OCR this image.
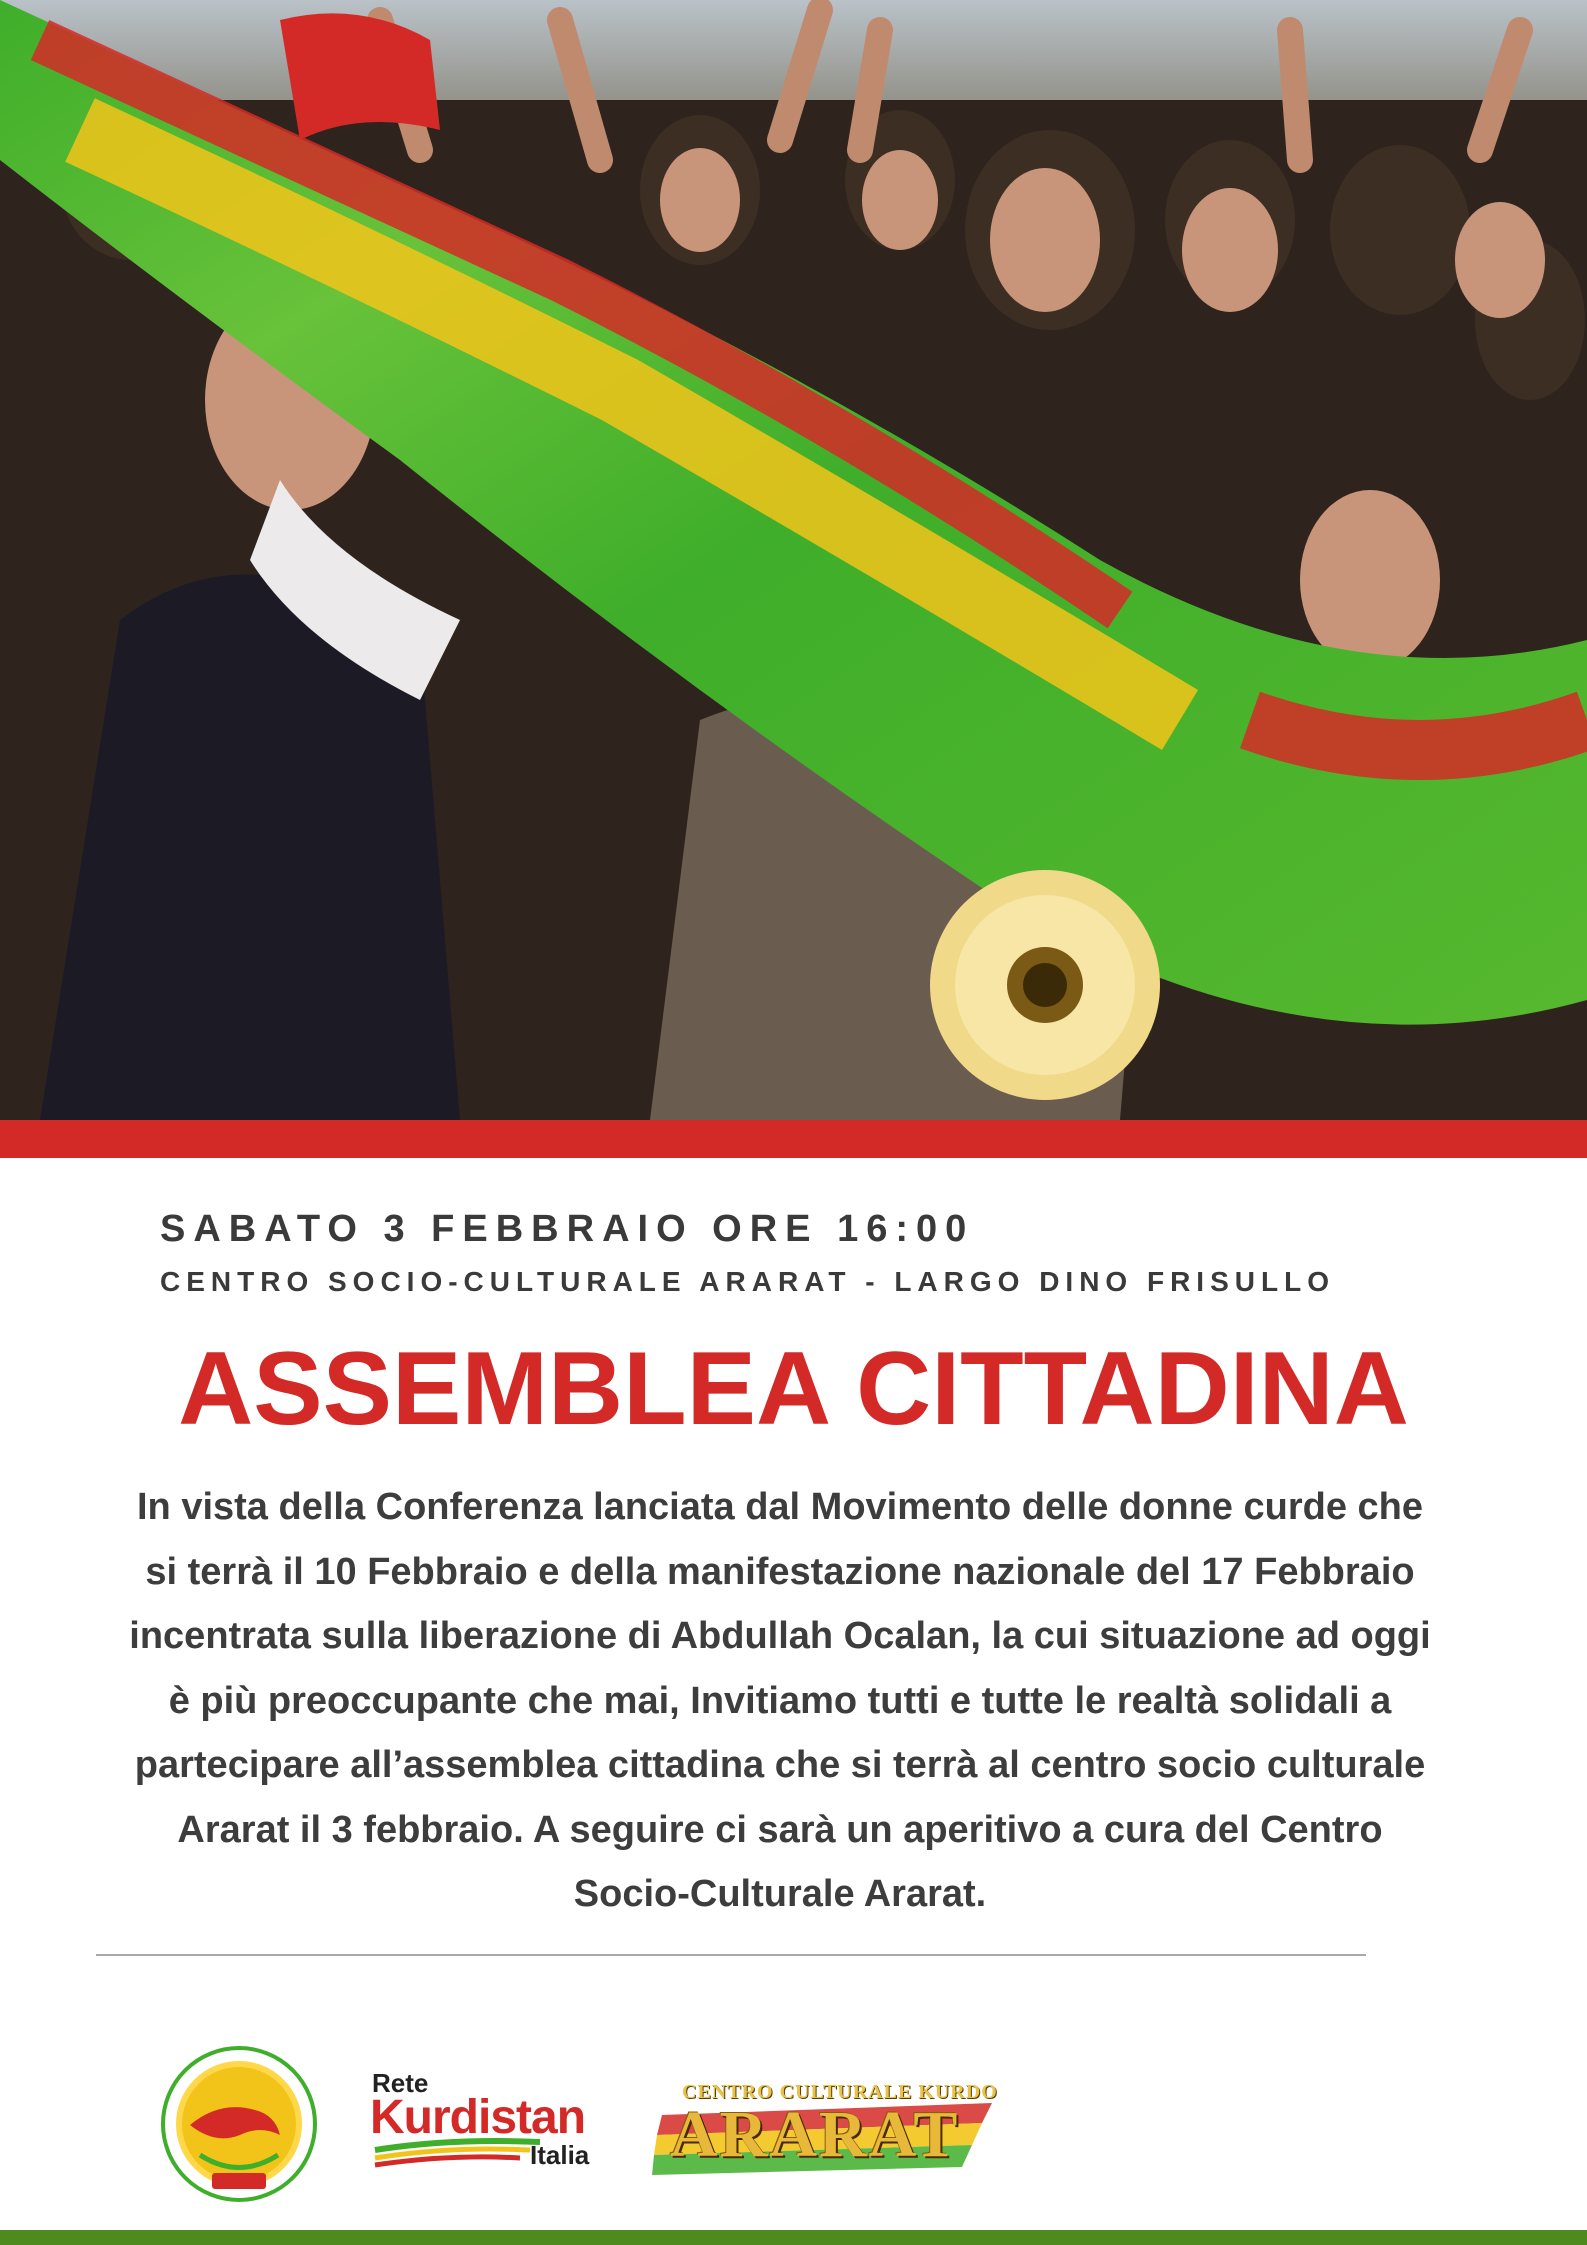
SABATO 3 FEBBRAIO ORE 16:00
CENTRO SOCIO-CULTURALE ARARAT - LARGO DINO FRISULLO
ASSEMBLEA CITTADINA
In vista della Conferenza lanciata dal Movimento delle donne curde che si terrà il 10 Febbraio e della manifestazione nazionale del 17 Febbraio incentrata sulla liberazione di Abdullah Ocalan, la cui situazione ad oggi è più preoccupante che mai, Invitiamo tutti e tutte le realtà solidali a partecipare all’assemblea cittadina che si terrà al centro socio culturale Ararat il 3 febbraio. A seguire ci sarà un aperitivo a cura del Centro Socio-Culturale Ararat.
Rete
Kurdistan
Italia
CENTRO CULTURALE KURDO
ARARAT
